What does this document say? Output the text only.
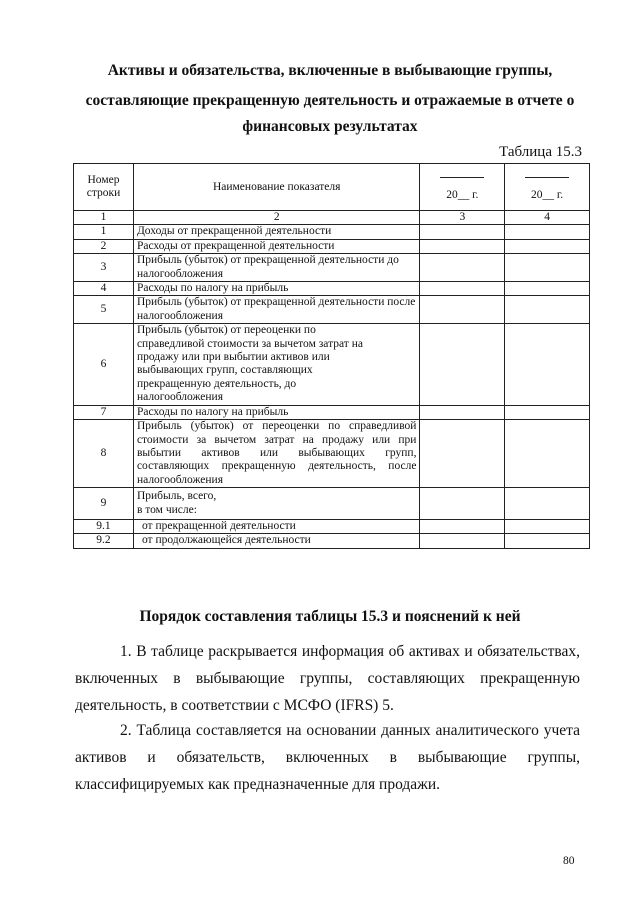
Активы и обязательства, включенные в выбывающие группы,
составляющие прекращенную деятельность и отражаемые в отчете о
финансовых результатах
Таблица 15.3
Номер строки	Наименование показателя	20__ г.	20__ г.

1	2	3	4
1	Доходы от прекращенной деятельности		
2	Расходы от прекращенной деятельности		
3	Прибыль (убыток) от прекращенной деятельности до налогообложения		
4	Расходы по налогу на прибыль		
5	Прибыль (убыток) от прекращенной деятельности после налогообложения		
6	Прибыль (убыток) от переоценки по справедливой стоимости за вычетом затрат на продажу или при выбытии активов или выбывающих групп, составляющих прекращенную деятельность, до налогообложения		
7	Расходы по налогу на прибыль		
8	Прибыль (убыток) от переоценки по справедливой стоимости за вычетом затрат на продажу или при выбытии активов или выбывающих групп, составляющих прекращенную деятельность, после налогообложения		
9	Прибыль, всего,
в том числе:		

9.1	от прекращенной деятельности		
9.2	от продолжающейся деятельности		
Порядок составления таблицы 15.3 и пояснений к ней
1. В таблице раскрывается информация об активах и обязательствах, включенных в выбывающие группы, составляющих прекращенную деятельность, в соответствии с МСФО (IFRS) 5.
2. Таблица составляется на основании данных аналитического учета активов и обязательств, включенных в выбывающие группы, классифицируемых как предназначенные для продажи.
80
